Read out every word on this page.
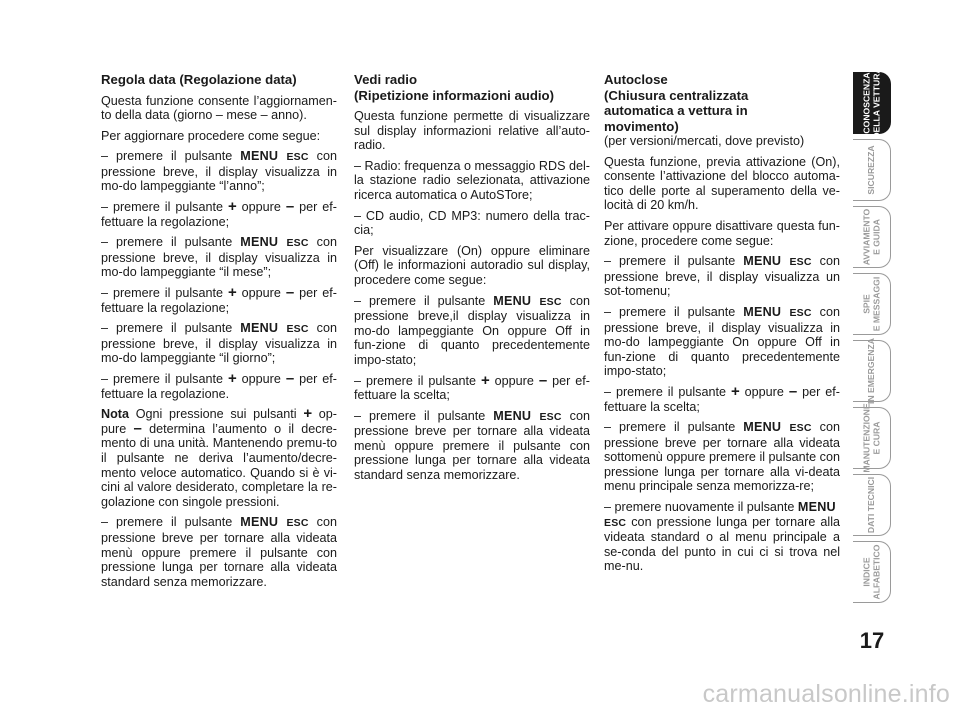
Regola data (Regolazione data)

Questa funzione consente l’aggiornamen-to della data (giorno – mese – anno).

Per aggiornare procedere come segue:

– premere il pulsante MENU ESC con pressione breve, il display visualizza in mo-do lampeggiante “l’anno”;

– premere il pulsante + oppure – per ef-fettuare la regolazione;

– premere il pulsante MENU ESC con pressione breve, il display visualizza in mo-do lampeggiante “il mese”;

– premere il pulsante + oppure – per ef-fettuare la regolazione;

– premere il pulsante MENU ESC con pressione breve, il display visualizza in mo-do lampeggiante “il giorno”;

– premere il pulsante + oppure – per ef-fettuare la regolazione.

Nota Ogni pressione sui pulsanti + op-pure – determina l’aumento o il decre-mento di una unità. Mantenendo premu-to il pulsante ne deriva l’aumento/decre-mento veloce automatico. Quando si è vi-cini al valore desiderato, completare la re-golazione con singole pressioni.

– premere il pulsante MENU ESC con pressione breve per tornare alla videata menù oppure premere il pulsante con pressione lunga per tornare alla videata standard senza memorizzare.

Vedi radio
(Ripetizione informazioni audio)

Questa funzione permette di visualizzare sul display informazioni relative all’auto-radio.

– Radio: frequenza o messaggio RDS del-la stazione radio selezionata, attivazione ricerca automatica o AutoSTore;

– CD audio, CD MP3: numero della trac-cia;

Per visualizzare (On) oppure eliminare (Off) le informazioni autoradio sul display, procedere come segue:

– premere il pulsante MENU ESC con pressione breve,il display visualizza in mo-do lampeggiante On oppure Off in fun-zione di quanto precedentemente impo-stato;

– premere il pulsante + oppure – per ef-fettuare la scelta;

– premere il pulsante MENU ESC con pressione breve per tornare alla videata menù oppure premere il pulsante con pressione lunga per tornare alla videata standard senza memorizzare.

Autoclose
(Chiusura centralizzata
automatica a vettura in
movimento)

(per versioni/mercati, dove previsto)

Questa funzione, previa attivazione (On), consente l’attivazione del blocco automa-tico delle porte al superamento della ve-locità di 20 km/h.

Per attivare oppure disattivare questa fun-zione, procedere come segue:

– premere il pulsante MENU ESC con pressione breve, il display visualizza un sot-tomenu;

– premere il pulsante MENU ESC con pressione breve, il display visualizza in mo-do lampeggiante On oppure Off in fun-zione di quanto precedentemente impo-stato;

– premere il pulsante + oppure – per ef-fettuare la scelta;

– premere il pulsante MENU ESC con pressione breve per tornare alla videata sottomenù oppure premere il pulsante con pressione lunga per tornare alla vi-deata menu principale senza memorizza-re;

– premere nuovamente il pulsante MENU
ESC con pressione lunga per tornare alla videata standard o al menu principale a se-conda del punto in cui ci si trova nel me-nu.

CONOSCENZA
DELLA VETTURA
SICUREZZA
AVVIAMENTO
E GUIDA
SPIE
E MESSAGGI
IN EMERGENZA
MANUTENZIONE
E CURA
DATI TECNICI
INDICE
ALFABETICO
17
carmanualsonline.info
